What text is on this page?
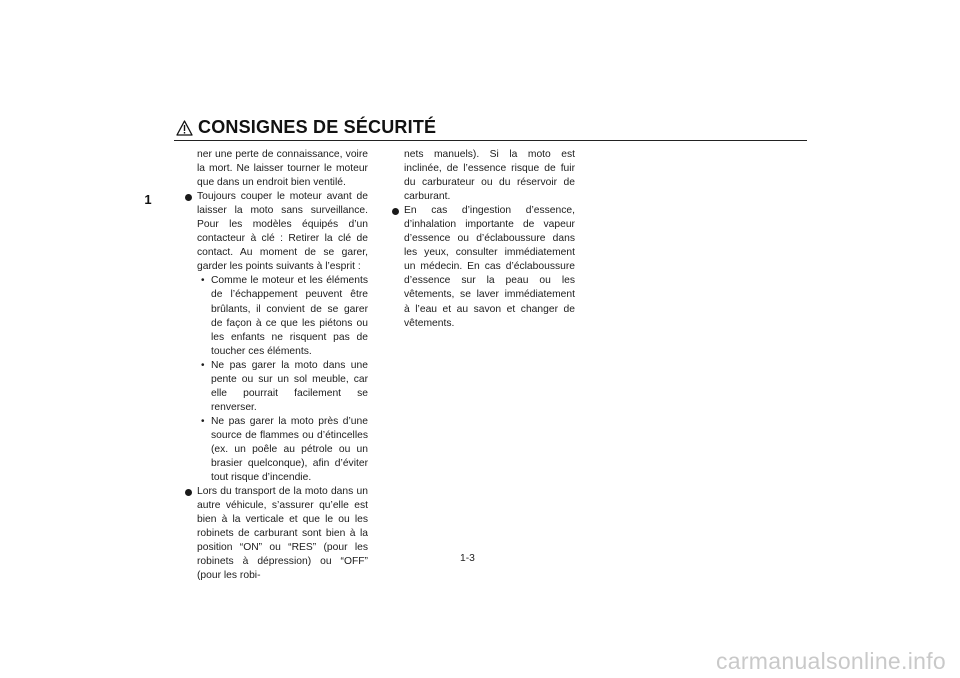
CONSIGNES DE SÉCURITÉ
1

ner une perte de connaissance, voire la mort. Ne laisser tourner le moteur que dans un endroit bien ventilé.

Toujours couper le moteur avant de laisser la moto sans surveillance. Pour les modèles équipés d’un contacteur à clé : Retirer la clé de contact. Au moment de se garer, garder les points suivants à l’esprit :

• Comme le moteur et les éléments de l’échappement peuvent être brûlants, il convient de se garer de façon à ce que les piétons ou les enfants ne risquent pas de toucher ces éléments.

• Ne pas garer la moto dans une pente ou sur un sol meuble, car elle pourrait facilement se renverser.

• Ne pas garer la moto près d’une source de flammes ou d’étincelles (ex. un poêle au pétrole ou un brasier quelconque), afin d’éviter tout risque d’incendie.

Lors du transport de la moto dans un autre véhicule, s’assurer qu’elle est bien à la verticale et que le ou les robinets de carburant sont bien à la position “ON” ou “RES” (pour les robinets à dépression) ou “OFF” (pour les robi-

nets manuels). Si la moto est inclinée, de l’essence risque de fuir du carburateur ou du réservoir de carburant.

En cas d’ingestion d’essence, d’inhalation importante de vapeur d’essence ou d’éclaboussure dans les yeux, consulter immédiatement un médecin. En cas d’éclaboussure d’essence sur la peau ou les vêtements, se laver immédiatement à l’eau et au savon et changer de vêtements.

1-3
carmanualsonline.info
